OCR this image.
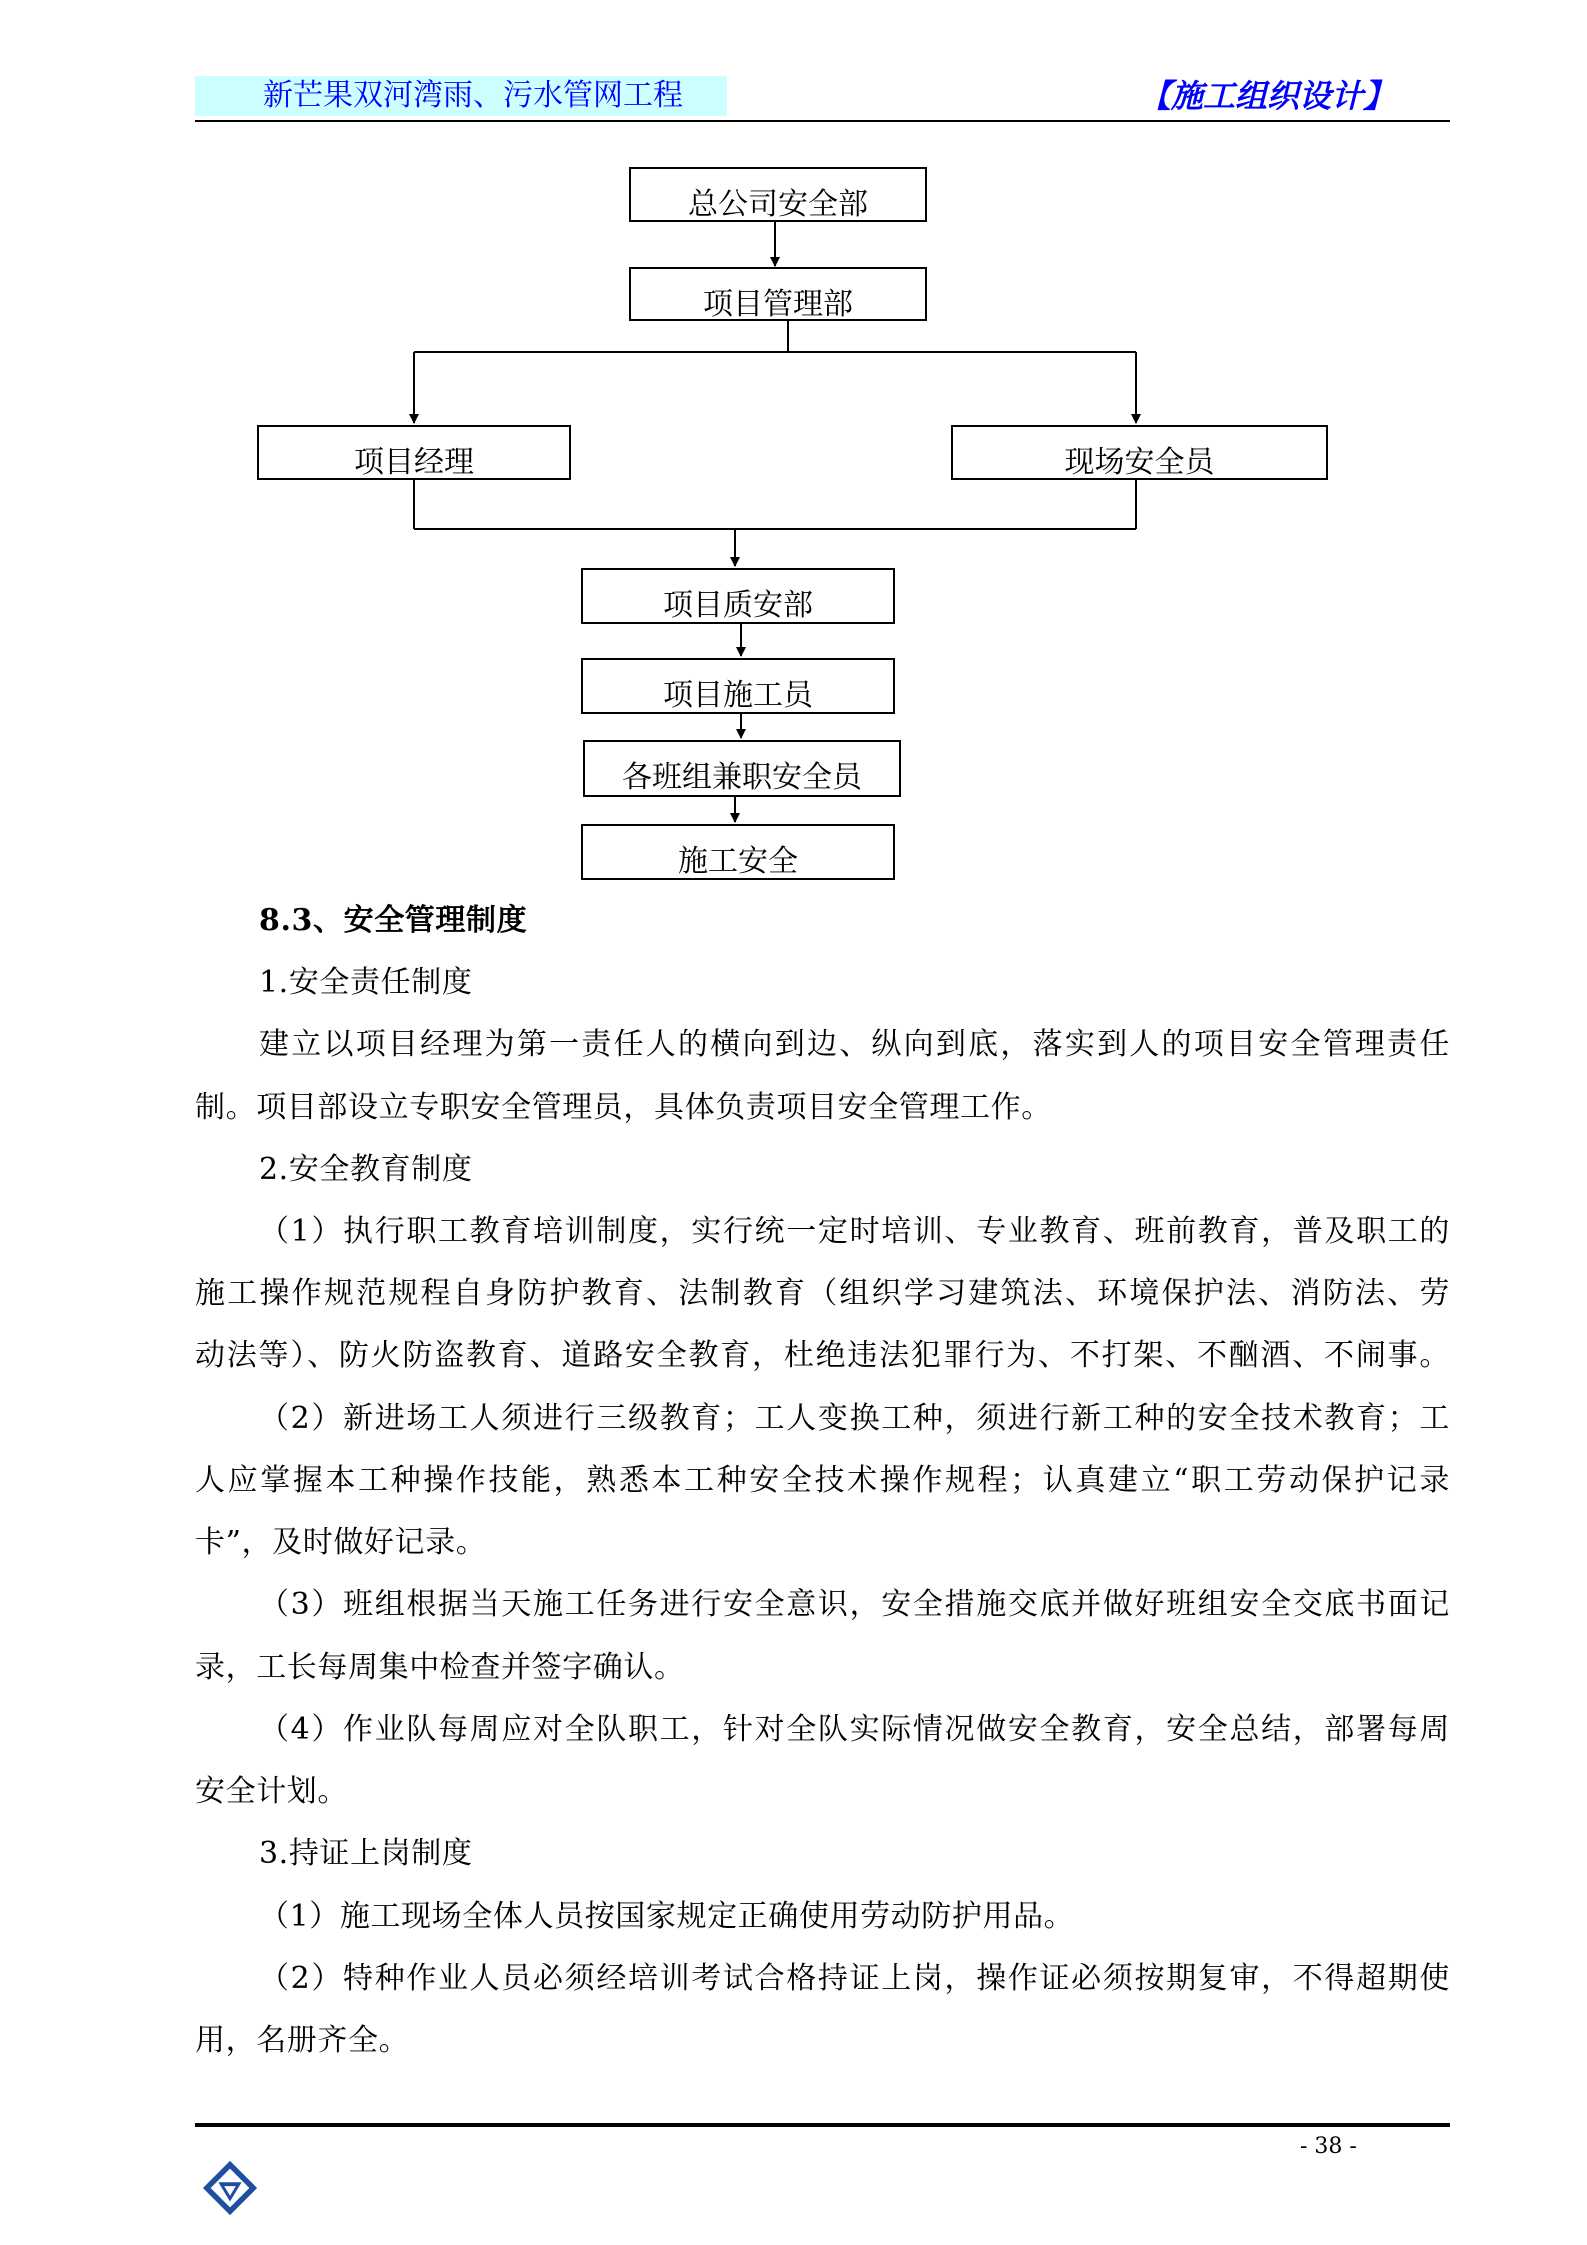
新芒果双河湾雨、污水管网工程	【施工组织设计】
总公司安全部
项目管理部
项目经理	现场安全员
项目质安部
项目施工员
各班组兼职安全员
施工安全
8.3、安全管理制度
1.安全责任制度
建立以项目经理为第一责任人的横向到边、纵向到底，落实到人的项目安全管理责任
制。项目部设立专职安全管理员，具体负责项目安全管理工作。
2.安全教育制度
（1）执行职工教育培训制度，实行统一定时培训、专业教育、班前教育，普及职工的
施工操作规范规程自身防护教育、法制教育（组织学习建筑法、环境保护法、消防法、劳
动法等）、防火防盗教育、道路安全教育，杜绝违法犯罪行为、不打架、不酗酒、不闹事。
（2）新进场工人须进行三级教育；工人变换工种，须进行新工种的安全技术教育；工
人应掌握本工种操作技能，熟悉本工种安全技术操作规程；认真建立“职工劳动保护记录
卡”，及时做好记录。
（3）班组根据当天施工任务进行安全意识，安全措施交底并做好班组安全交底书面记
录，工长每周集中检查并签字确认。
（4）作业队每周应对全队职工，针对全队实际情况做安全教育，安全总结，部署每周
安全计划。
3.持证上岗制度
（1）施工现场全体人员按国家规定正确使用劳动防护用品。
（2）特种作业人员必须经培训考试合格持证上岗，操作证必须按期复审，不得超期使
用，名册齐全。
- 38 -
